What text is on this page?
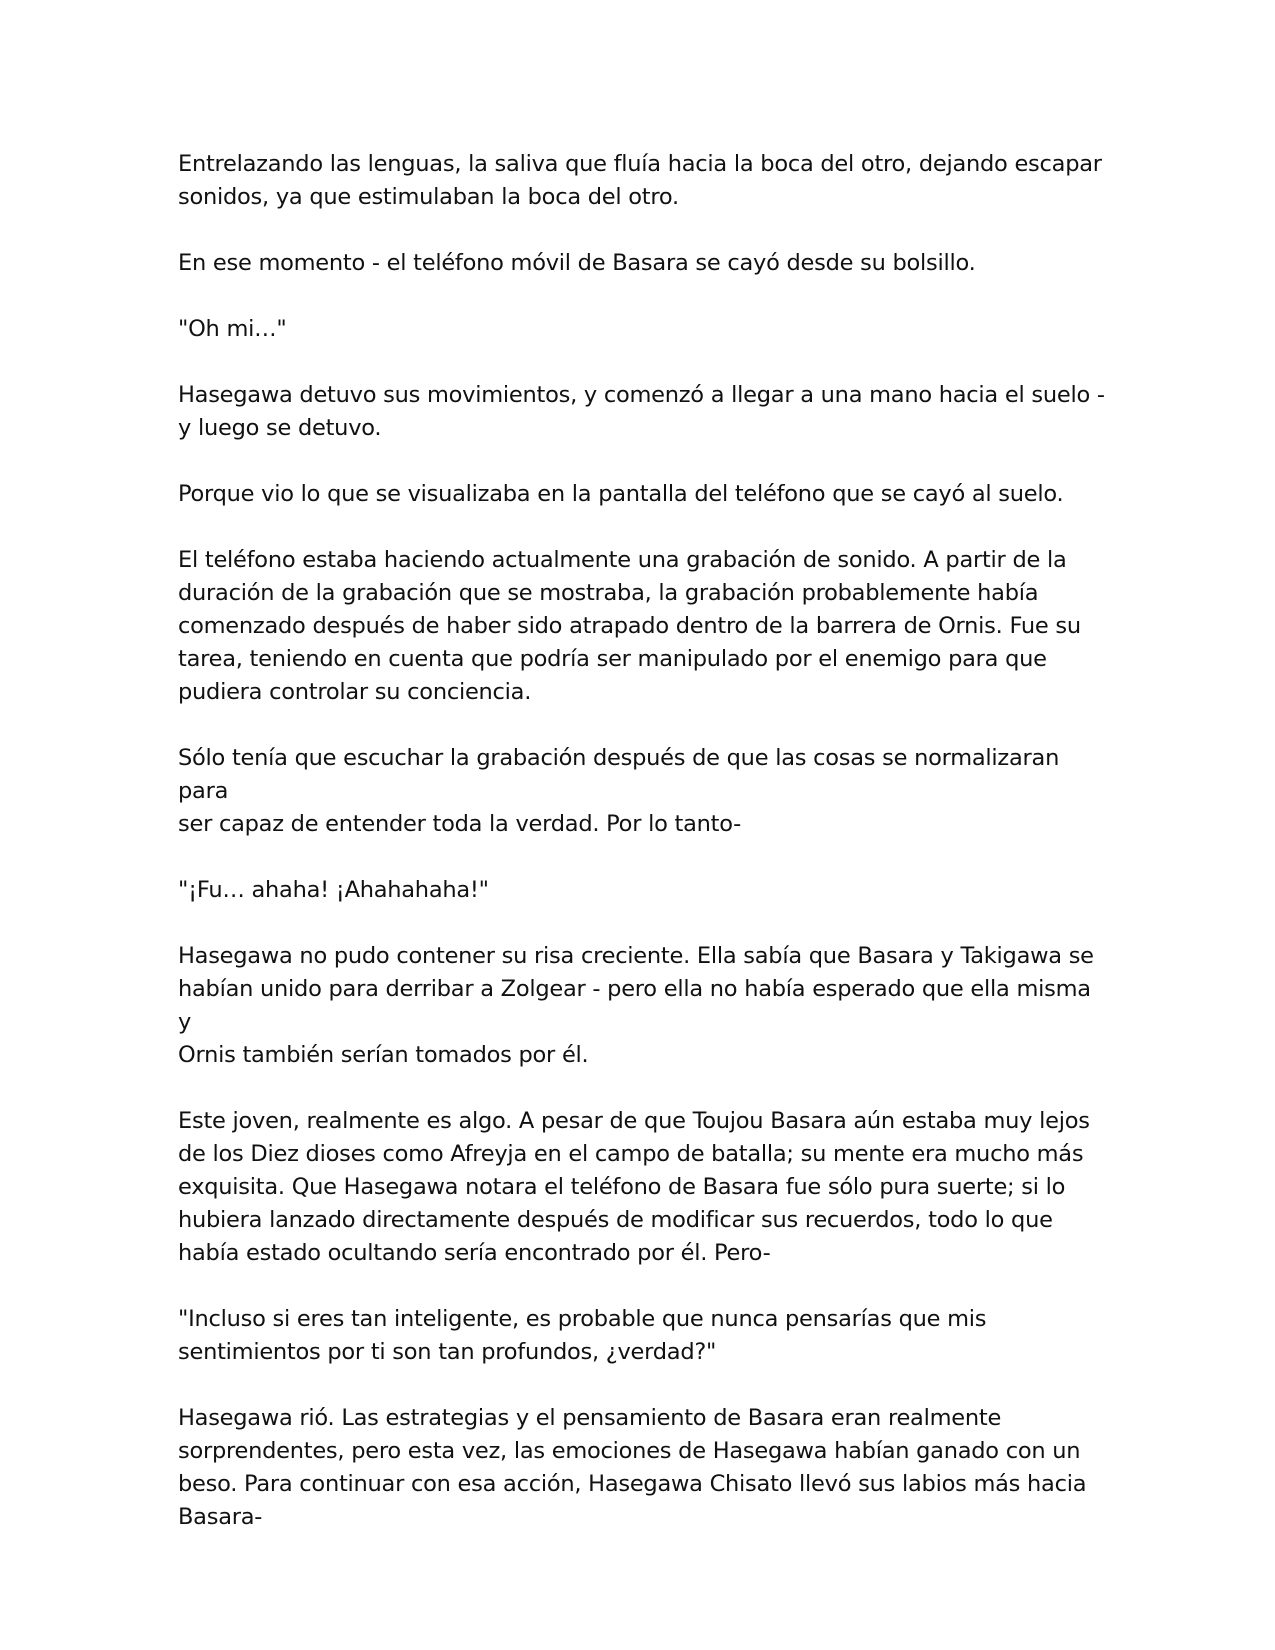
Entrelazando las lenguas, la saliva que fluía hacia la boca del otro, dejando escapar
sonidos, ya que estimulaban la boca del otro.

En ese momento - el teléfono móvil de Basara se cayó desde su bolsillo.

"Oh mi…"

Hasegawa detuvo sus movimientos, y comenzó a llegar a una mano hacia el suelo -
y luego se detuvo.

Porque vio lo que se visualizaba en la pantalla del teléfono que se cayó al suelo.

El teléfono estaba haciendo actualmente una grabación de sonido. A partir de la
duración de la grabación que se mostraba, la grabación probablemente había
comenzado después de haber sido atrapado dentro de la barrera de Ornis. Fue su
tarea, teniendo en cuenta que podría ser manipulado por el enemigo para que
pudiera controlar su conciencia.

Sólo tenía que escuchar la grabación después de que las cosas se normalizaran para
ser capaz de entender toda la verdad. Por lo tanto-

"¡Fu… ahaha! ¡Ahahahaha!"

Hasegawa no pudo contener su risa creciente. Ella sabía que Basara y Takigawa se
habían unido para derribar a Zolgear - pero ella no había esperado que ella misma y
Ornis también serían tomados por él.

Este joven, realmente es algo. A pesar de que Toujou Basara aún estaba muy lejos
de los Diez dioses como Afreyja en el campo de batalla; su mente era mucho más
exquisita. Que Hasegawa notara el teléfono de Basara fue sólo pura suerte; si lo
hubiera lanzado directamente después de modificar sus recuerdos, todo lo que
había estado ocultando sería encontrado por él. Pero-

"Incluso si eres tan inteligente, es probable que nunca pensarías que mis
sentimientos por ti son tan profundos, ¿verdad?"

Hasegawa rió. Las estrategias y el pensamiento de Basara eran realmente
sorprendentes, pero esta vez, las emociones de Hasegawa habían ganado con un
beso. Para continuar con esa acción, Hasegawa Chisato llevó sus labios más hacia
Basara-
